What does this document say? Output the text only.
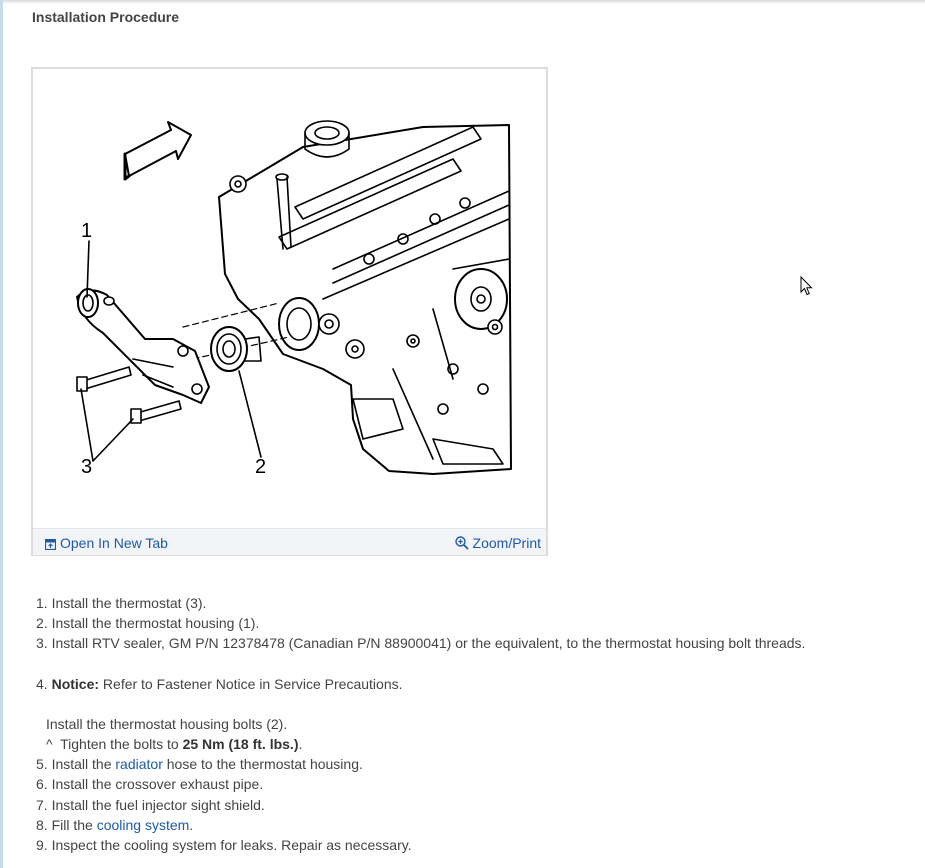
Installation Procedure
1
2
3
Open In New Tab	Zoom/Print
1. Install the thermostat (3).
2. Install the thermostat housing (1).
3. Install RTV sealer, GM P/N 12378478 (Canadian P/N 88900041) or the equivalent, to the thermostat housing bolt threads.
4. Notice: Refer to Fastener Notice in Service Precautions.
Install the thermostat housing bolts (2).
^ Tighten the bolts to 25 Nm (18 ft. lbs.).
5. Install the radiator hose to the thermostat housing.
6. Install the crossover exhaust pipe.
7. Install the fuel injector sight shield.
8. Fill the cooling system.
9. Inspect the cooling system for leaks. Repair as necessary.
